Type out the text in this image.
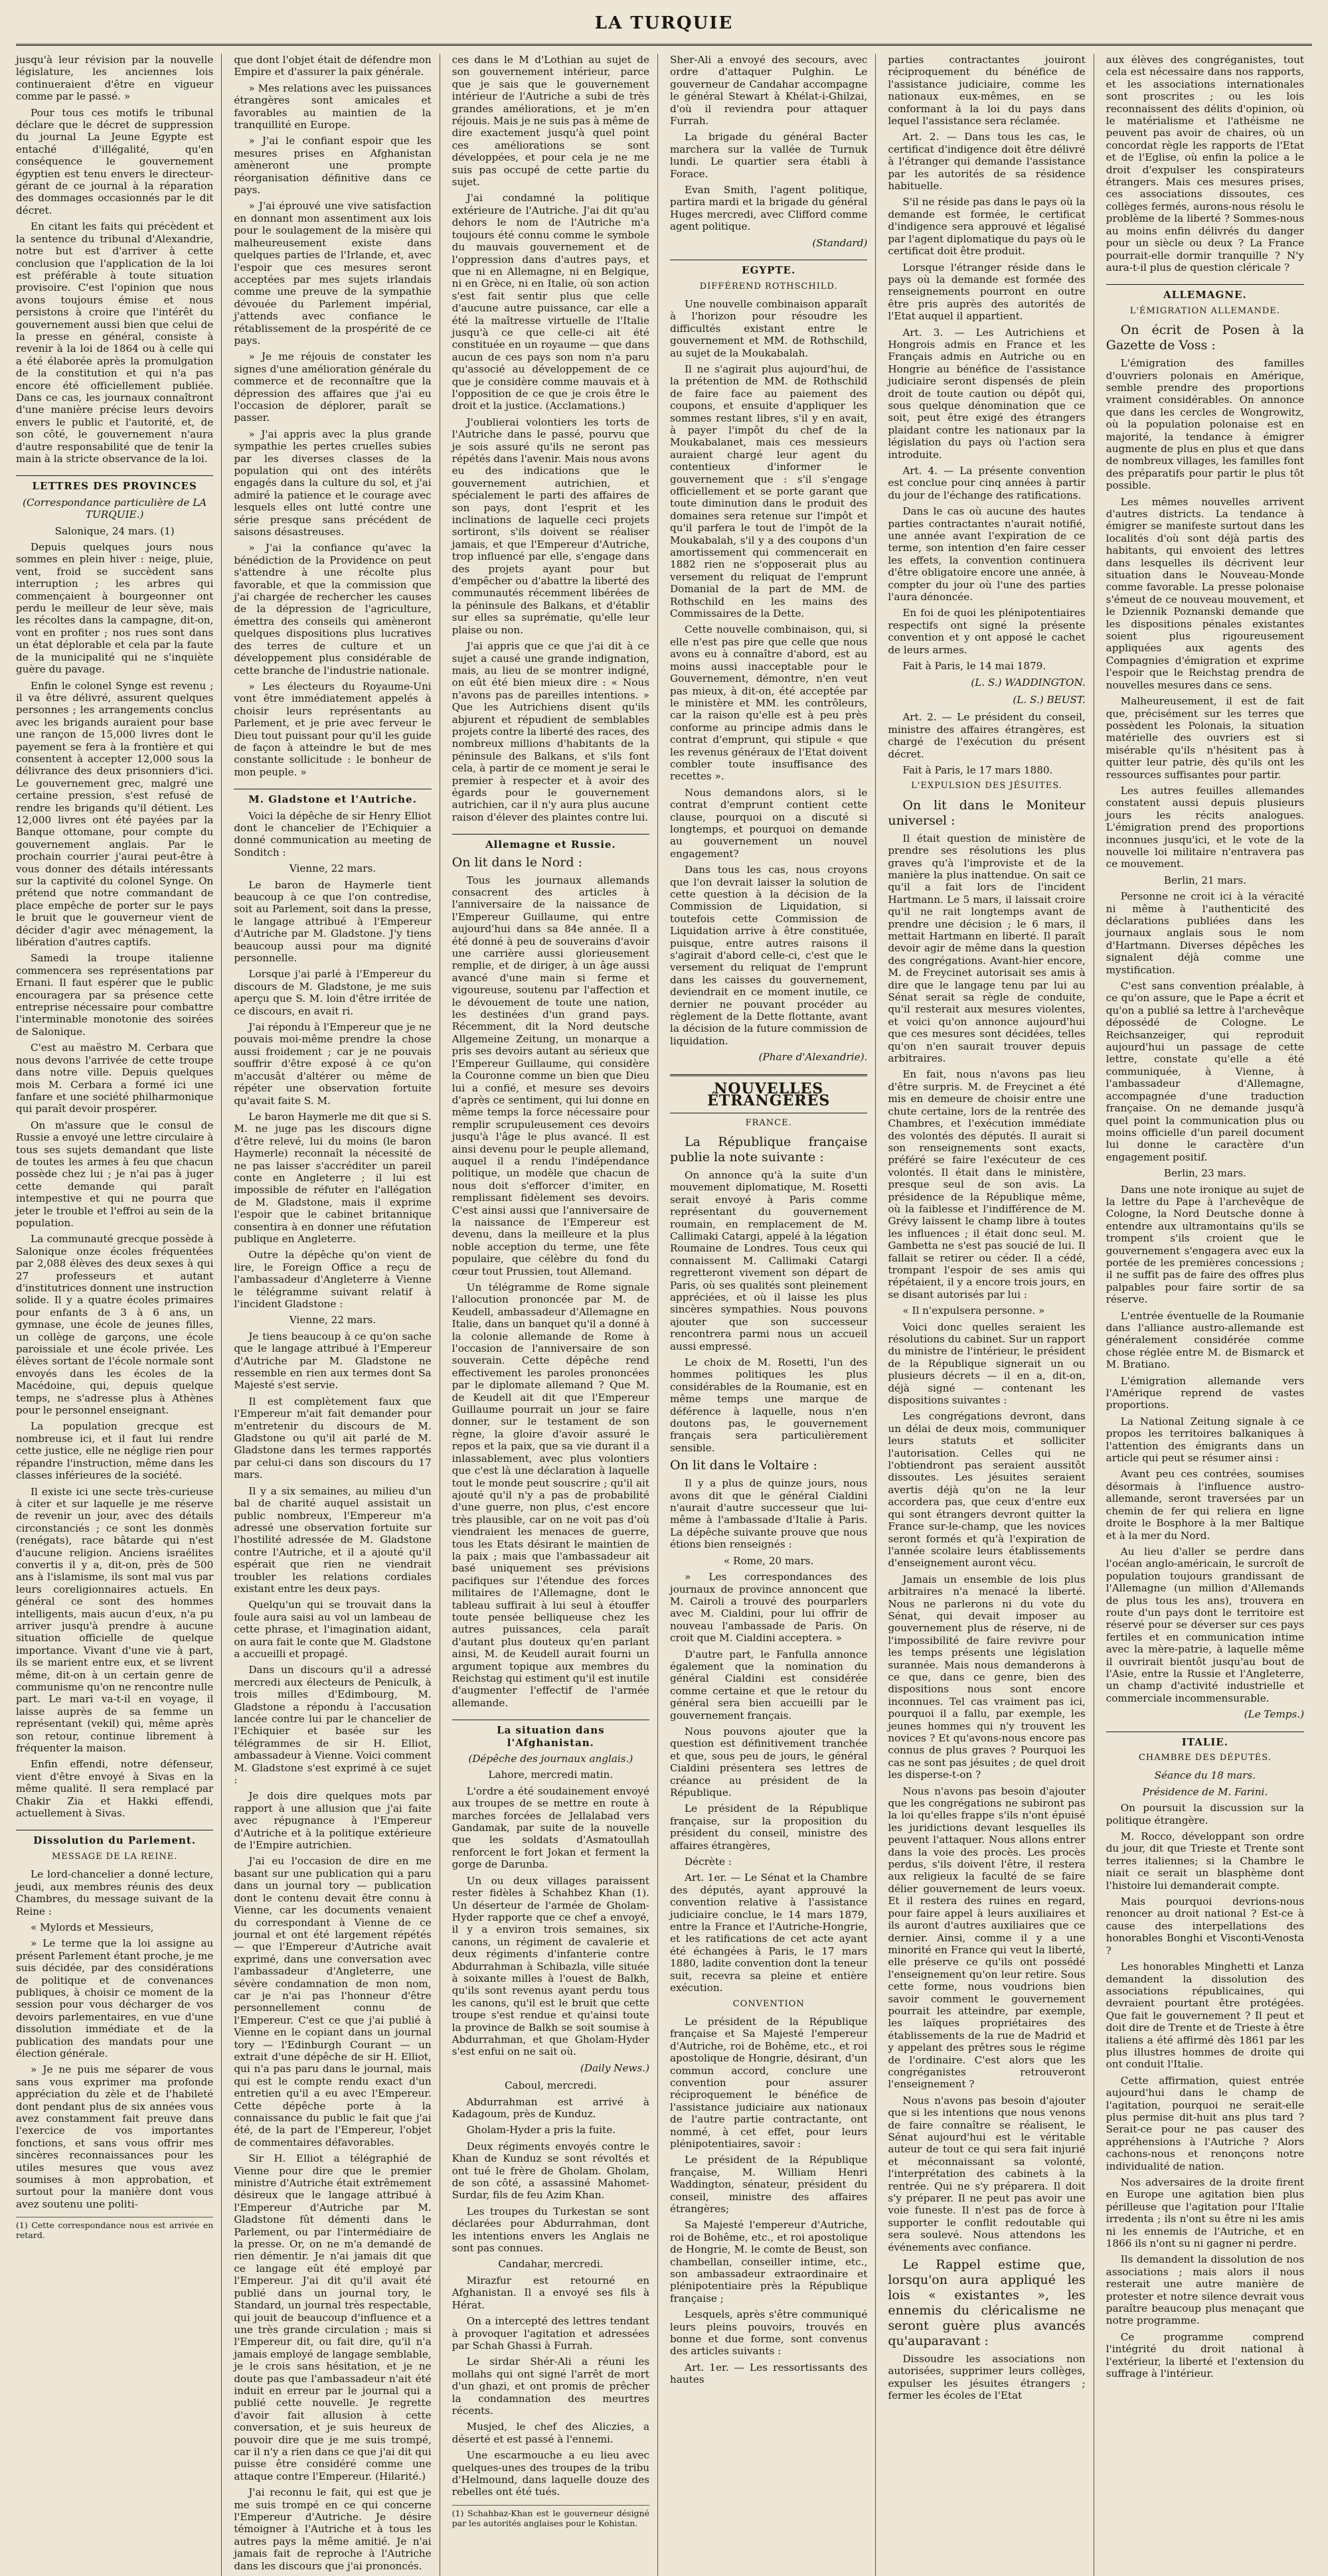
LA TURQUIE

jusqu'à leur révision par la nouvelle législature, les anciennes lois continueraient d'être en vigueur comme par le passé. »

Pour tous ces motifs le tribunal déclare que le décret de suppression du journal La Jeune Egypte est entaché d'illégalité, qu'en conséquence le gouvernement égyptien est tenu envers le directeur-gérant de ce journal à la réparation des dommages occasionnés par le dit décret.

En citant les faits qui précèdent et la sentence du tribunal d'Alexandrie, notre but est d'arriver à cette conclusion que l'application de la loi est préférable à toute situation provisoire. C'est l'opinion que nous avons toujours émise et nous persistons à croire que l'intérêt du gouvernement aussi bien que celui de la presse en général, consiste à revenir à la loi de 1864 ou à celle qui a été élaborée après la promulgation de la constitution et qui n'a pas encore été officiellement publiée. Dans ce cas, les journaux connaîtront d'une manière précise leurs devoirs envers le public et l'autorité, et, de son côté, le gouvernement n'aura d'autre responsabilité que de tenir la main à la stricte observance de la loi.

LETTRES DES PROVINCES
(Correspondance particulière de LA TURQUIE.)
Salonique, 24 mars. (1)

Depuis quelques jours nous sommes en plein hiver : neige, pluie, vent, froid se succèdent sans interruption ; les arbres qui commençaient à bourgeonner ont perdu le meilleur de leur sève, mais les récoltes dans la campagne, dit-on, vont en profiter ; nos rues sont dans un état déplorable et cela par la faute de la municipalité qui ne s'inquiète guère du pavage.

Enfin le colonel Synge est revenu ; il va être délivré, assurent quelques personnes ; les arrangements conclus avec les brigands auraient pour base une rançon de 15,000 livres dont le payement se fera à la frontière et qui consentent à accepter 12,000 sous la délivrance des deux prisonniers d'ici. Le gouvernement grec, malgré une certaine pression, s'est refusé de rendre les brigands qu'il détient. Les 12,000 livres ont été payées par la Banque ottomane, pour compte du gouvernement anglais. Par le prochain courrier j'aurai peut-être à vous donner des détails intéressants sur la captivité du colonel Synge. On prétend que notre commandant de place empêche de porter sur le pays le bruit que le gouverneur vient de décider d'agir avec ménagement, la libération d'autres captifs.

Samedi la troupe italienne commencera ses représentations par Ernani. Il faut espérer que le public encouragera par sa présence cette entreprise nécessaire pour combattre l'interminable monotonie des soirées de Salonique.

C'est au maëstro M. Cerbara que nous devons l'arrivée de cette troupe dans notre ville. Depuis quelques mois M. Cerbara a formé ici une fanfare et une société philharmonique qui paraît devoir prospérer.

On m'assure que le consul de Russie a envoyé une lettre circulaire à tous ses sujets demandant que liste de toutes les armes à feu que chacun possède chez lui ; je n'ai pas à juger cette demande qui paraît intempestive et qui ne pourra que jeter le trouble et l'effroi au sein de la population.

La communauté grecque possède à Salonique onze écoles fréquentées par 2,088 élèves des deux sexes à qui 27 professeurs et autant d'institutrices donnent une instruction solide. Il y a quatre écoles primaires pour enfants de 3 à 6 ans, un gymnase, une école de jeunes filles, un collège de garçons, une école paroissiale et une école privée. Les élèves sortant de l'école normale sont envoyés dans les écoles de la Macédoine, qui, depuis quelque temps, ne s'adresse plus à Athènes pour le personnel enseignant.

La population grecque est nombreuse ici, et il faut lui rendre cette justice, elle ne néglige rien pour répandre l'instruction, même dans les classes inférieures de la société.

Il existe ici une secte très-curieuse à citer et sur laquelle je me réserve de revenir un jour, avec des détails circonstanciés ; ce sont les donmès (renégats), race bâtarde qui n'est d'aucune religion. Anciens israélites convertis il y a, dit-on, près de 500 ans à l'islamisme, ils sont mal vus par leurs coreligionnaires actuels. En général ce sont des hommes intelligents, mais aucun d'eux, n'a pu arriver jusqu'à prendre à aucune situation officielle de quelque importance. Vivant d'une vie à part, ils se marient entre eux, et se livrent même, dit-on à un certain genre de communisme qu'on ne rencontre nulle part. Le mari va-t-il en voyage, il laisse auprès de sa femme un représentant (vekil) qui, même après son retour, continue librement à fréquenter la maison.

Enfin effendi, notre défenseur, vient d'être envoyé à Sivas en la même qualité. Il sera remplacé par Chakir Zia et Hakki effendi, actuellement à Sivas.

Dissolution du Parlement.
MESSAGE DE LA REINE.

Le lord-chancelier a donné lecture, jeudi, aux membres réunis des deux Chambres, du message suivant de la Reine :

« Mylords et Messieurs,

» Le terme que la loi assigne au présent Parlement étant proche, je me suis décidée, par des considérations de politique et de convenances publiques, à choisir ce moment de la session pour vous décharger de vos devoirs parlementaires, en vue d'une dissolution immédiate et de la publication des mandats pour une élection générale.

» Je ne puis me séparer de vous sans vous exprimer ma profonde appréciation du zèle et de l'habileté dont pendant plus de six années vous avez constamment fait preuve dans l'exercice de vos importantes fonctions, et sans vous offrir mes sincères reconnaissances pour les utiles mesures que vous avez soumises à mon approbation, et surtout pour la manière dont vous avez soutenu une politi-

(1) Cette correspondance nous est arrivée en retard.

que dont l'objet était de défendre mon Empire et d'assurer la paix générale.

» Mes relations avec les puissances étrangères sont amicales et favorables au maintien de la tranquillité en Europe.

» J'ai le confiant espoir que les mesures prises en Afghanistan amèneront une prompte réorganisation définitive dans ce pays.

» J'ai éprouvé une vive satisfaction en donnant mon assentiment aux lois pour le soulagement de la misère qui malheureusement existe dans quelques parties de l'Irlande, et, avec l'espoir que ces mesures seront acceptées par mes sujets irlandais comme une preuve de la sympathie dévouée du Parlement impérial, j'attends avec confiance le rétablissement de la prospérité de ce pays.

» Je me réjouis de constater les signes d'une amélioration générale du commerce et de reconnaître que la dépression des affaires que j'ai eu l'occasion de déplorer, paraît se passer.

» J'ai appris avec la plus grande sympathie les pertes cruelles subies par les diverses classes de la population qui ont des intérêts engagés dans la culture du sol, et j'ai admiré la patience et le courage avec lesquels elles ont lutté contre une série presque sans précédent de saisons désastreuses.

» J'ai la confiance qu'avec la bénédiction de la Providence on peut s'attendre à une récolte plus favorable, et que la commission que j'ai chargée de rechercher les causes de la dépression de l'agriculture, émettra des conseils qui amèneront quelques dispositions plus lucratives des terres de culture et un développement plus considérable de cette branche de l'industrie nationale.

» Les électeurs du Royaume-Uni vont être immédiatement appelés à choisir leurs représentants au Parlement, et je prie avec ferveur le Dieu tout puissant pour qu'il les guide de façon à atteindre le but de mes constante sollicitude : le bonheur de mon peuple. »

M. Gladstone et l'Autriche.

Voici la dépêche de sir Henry Elliot dont le chancelier de l'Echiquier a donné communication au meeting de Sonditch :

Vienne, 22 mars.

Le baron de Haymerle tient beaucoup à ce que l'on contredise, soit au Parlement, soit dans la presse, le langage attribué à l'Empereur d'Autriche par M. Gladstone. J'y tiens beaucoup aussi pour ma dignité personnelle.

Lorsque j'ai parlé à l'Empereur du discours de M. Gladstone, je me suis aperçu que S. M. loin d'être irritée de ce discours, en avait ri.

J'ai répondu à l'Empereur que je ne pouvais moi-même prendre la chose aussi froidement ; car je ne pouvais souffrir d'être exposé à ce qu'on m'accusât d'altérer ou même de répéter une observation fortuite qu'avait faite S. M.

Le baron Haymerle me dit que si S. M. ne juge pas les discours digne d'être relevé, lui du moins (le baron Haymerle) reconnaît la nécessité de ne pas laisser s'accréditer un pareil conte en Angleterre ; il lui est impossible de réfuter en l'allégation de M. Gladstone, mais il exprime l'espoir que le cabinet britannique consentira à en donner une réfutation publique en Angleterre.

Outre la dépêche qu'on vient de lire, le Foreign Office a reçu de l'ambassadeur d'Angleterre à Vienne le télégramme suivant relatif à l'incident Gladstone :

Vienne, 22 mars.

Je tiens beaucoup à ce qu'on sache que le langage attribué à l'Empereur d'Autriche par M. Gladstone ne ressemble en rien aux termes dont Sa Majesté s'est servie.

Il est complètement faux que l'Empereur m'ait fait demander pour m'entretenir du discours de M. Gladstone ou qu'il ait parlé de M. Gladstone dans les termes rapportés par celui-ci dans son discours du 17 mars.

Il y a six semaines, au milieu d'un bal de charité auquel assistait un public nombreux, l'Empereur m'a adressé une observation fortuite sur l'hostilité adressée de M. Gladstone contre l'Autriche, et il a ajouté qu'il espérait que rien ne viendrait troubler les relations cordiales existant entre les deux pays.

Quelqu'un qui se trouvait dans la foule aura saisi au vol un lambeau de cette phrase, et l'imagination aidant, on aura fait le conte que M. Gladstone a accueilli et propagé.

Dans un discours qu'il a adressé mercredi aux électeurs de Peniculk, à trois milles d'Edimbourg, M. Gladstone a répondu à l'accusation lancée contre lui par le chancelier de l'Echiquier et basée sur les télégrammes de sir H. Elliot, ambassadeur à Vienne. Voici comment M. Gladstone s'est exprimé à ce sujet :

Je dois dire quelques mots par rapport à une allusion que j'ai faite avec répugnance à l'Empereur d'Autriche et à la politique extérieure de l'Empire autrichien.

J'ai eu l'occasion de dire en me basant sur une publication qui a paru dans un journal tory — publication dont le contenu devait être connu à Vienne, car les documents venaient du correspondant à Vienne de ce journal et ont été largement répétés — que l'Empereur d'Autriche avait exprimé, dans une conversation avec l'ambassadeur d'Angleterre, une sévère condamnation de mon nom, car je n'ai pas l'honneur d'être personnellement connu de l'Empereur. C'est ce que j'ai publié à Vienne en le copiant dans un journal tory — l'Edinburgh Courant — un extrait d'une dépêche de sir H. Elliot, qui n'a pas paru dans le journal, mais qui est le compte rendu exact d'un entretien qu'il a eu avec l'Empereur. Cette dépêche porte à la connaissance du public le fait que j'ai été, de la part de l'Empereur, l'objet de commentaires défavorables.

Sir H. Elliot a télégraphié de Vienne pour dire que le premier ministre d'Autriche était extrêmement désireux que le langage attribué à l'Empereur d'Autriche par M. Gladstone fût démenti dans le Parlement, ou par l'intermédiaire de la presse. Or, on ne m'a demandé de rien démentir. Je n'ai jamais dit que ce langage eût été employé par l'Empereur. J'ai dit qu'il avait été publié dans un journal tory, le Standard, un journal très respectable, qui jouit de beaucoup d'influence et a une très grande circulation ; mais si l'Empereur dit, ou fait dire, qu'il n'a jamais employé de langage semblable, je le crois sans hésitation, et je ne doute pas que l'ambassadeur n'ait été induit en erreur par le journal qui a publié cette nouvelle. Je regrette d'avoir fait allusion à cette conversation, et je suis heureux de pouvoir dire que je me suis trompé, car il n'y a rien dans ce que j'ai dit qui puisse être considéré comme une attaque contre l'Empereur. (Hilarité.)

J'ai reconnu le fait, qui est que je me suis trompé en ce qui concerne l'Empereur d'Autriche. Je désire témoigner à l'Autriche et à tous les autres pays la même amitié. Je n'ai jamais fait de reproche à l'Autriche dans les discours que j'ai prononcés.

ces dans le M d'Lothian au sujet de son gouvernement intérieur, parce que je sais que le gouvernement intérieur de l'Autriche a subi de très grandes améliorations, et je m'en réjouis. Mais je ne suis pas à même de dire exactement jusqu'à quel point ces améliorations se sont développées, et pour cela je ne me suis pas occupé de cette partie du sujet.

J'ai condamné la politique extérieure de l'Autriche. J'ai dit qu'au dehors le nom de l'Autriche m'a toujours été connu comme le symbole du mauvais gouvernement et de l'oppression dans d'autres pays, et que ni en Allemagne, ni en Belgique, ni en Grèce, ni en Italie, où son action s'est fait sentir plus que celle d'aucune autre puissance, car elle a été la maîtresse virtuelle de l'Italie jusqu'à ce que celle-ci ait été constituée en un royaume — que dans aucun de ces pays son nom n'a paru qu'associé au développement de ce que je considère comme mauvais et à l'opposition de ce que je crois être le droit et la justice. (Acclamations.)

J'oublierai volontiers les torts de l'Autriche dans le passé, pourvu que je sois assuré qu'ils ne seront pas répétés dans l'avenir. Mais nous avons eu des indications que le gouvernement autrichien, et spécialement le parti des affaires de son pays, dont l'esprit et les inclinations de laquelle ceci projets sortiront, s'ils doivent se réaliser jamais, et que l'Empereur d'Autriche, trop influencé par elle, s'engage dans des projets ayant pour but d'empêcher ou d'abattre la liberté des communautés récemment libérées de la péninsule des Balkans, et d'établir sur elles sa suprématie, qu'elle leur plaise ou non.

J'ai appris que ce que j'ai dit à ce sujet a causé une grande indignation, mais, au lieu de se montrer indigné, on eût été bien mieux dire : « Nous n'avons pas de pareilles intentions. » Que les Autrichiens disent qu'ils abjurent et répudient de semblables projets contre la liberté des races, des nombreux millions d'habitants de la péninsule des Balkans, et s'ils font cela, à partir de ce moment je serai le premier à respecter et à avoir des égards pour le gouvernement autrichien, car il n'y aura plus aucune raison d'élever des plaintes contre lui.

Allemagne et Russie.

On lit dans le Nord :

Tous les journaux allemands consacrent des articles à l'anniversaire de la naissance de l'Empereur Guillaume, qui entre aujourd'hui dans sa 84e année. Il a été donné à peu de souverains d'avoir une carrière aussi glorieusement remplie, et de diriger, à un âge aussi avancé d'une main si ferme et vigoureuse, soutenu par l'affection et le dévouement de toute une nation, les destinées d'un grand pays. Récemment, dit la Nord deutsche Allgemeine Zeitung, un monarque a pris ses devoirs autant au sérieux que l'Empereur Guillaume, qui considère la Couronne comme un bien que Dieu lui a confié, et mesure ses devoirs d'après ce sentiment, qui lui donne en même temps la force nécessaire pour remplir scrupuleusement ces devoirs jusqu'à l'âge le plus avancé. Il est ainsi devenu pour le peuple allemand, auquel il a rendu l'indépendance politique, un modèle que chacun de nous doit s'efforcer d'imiter, en remplissant fidèlement ses devoirs. C'est ainsi aussi que l'anniversaire de la naissance de l'Empereur est devenu, dans la meilleure et la plus noble acception du terme, une fête populaire, que célèbre du fond du cœur tout Prussien, tout Allemand.

Un télégramme de Rome signale l'allocution prononcée par M. de Keudell, ambassadeur d'Allemagne en Italie, dans un banquet qu'il a donné à la colonie allemande de Rome à l'occasion de l'anniversaire de son souverain. Cette dépêche rend effectivement les paroles prononcées par le diplomate allemand ? Que M. de Keudell ait dit que l'Empereur Guillaume pourrait un jour se faire donner, sur le testament de son règne, la gloire d'avoir assuré le repos et la paix, que sa vie durant il a inlassablement, avec plus volontiers que c'est là une déclaration à laquelle tout le monde peut souscrire ; qu'il ait ajouté qu'il n'y a pas de probabilité d'une guerre, non plus, c'est encore très plausible, car on ne voit pas d'où viendraient les menaces de guerre, tous les Etats désirant le maintien de la paix ; mais que l'ambassadeur ait basé uniquement ses prévisions pacifiques sur l'étendue des forces militaires de l'Allemagne, dont le tableau suffirait à lui seul à étouffer toute pensée belliqueuse chez les autres puissances, cela paraît d'autant plus douteux qu'en parlant ainsi, M. de Keudell aurait fourni un argument topique aux membres du Reichstag qui estiment qu'il est inutile d'augmenter l'effectif de l'armée allemande.

La situation dans l'Afghanistan.
(Dépêche des journaux anglais.)
Lahore, mercredi matin.

L'ordre a été soudainement envoyé aux troupes de se mettre en route à marches forcées de Jellalabad vers Gandamak, par suite de la nouvelle que les soldats d'Asmatoullah renforcent le fort Jokan et ferment la gorge de Darunba.

Un ou deux villages paraissent rester fidèles à Schahbez Khan (1). Un déserteur de l'armée de Gholam-Hyder rapporte que ce chef a envoyé, il y a environ trois semaines, six canons, un régiment de cavalerie et deux régiments d'infanterie contre Abdurrahman à Schibazla, ville située à soixante milles à l'ouest de Balkh, qu'ils sont revenus ayant perdu tous les canons, qu'il est le bruit que cette troupe s'est rendue et qu'ainsi toute la province de Balkh se soit soumise à Abdurrahman, et que Gholam-Hyder s'est enfui on ne sait où.

(Daily News.)
Caboul, mercredi.

Abdurrahman est arrivé à Kadagoum, près de Kunduz.

Gholam-Hyder a pris la fuite.

Deux régiments envoyés contre le Khan de Kunduz se sont révoltés et ont tué le frère de Gholam. Gholam, de son côté, a assassiné Mahomet-Surdar, fils de feu Azim Khan.

Les troupes du Turkestan se sont déclarées pour Abdurrahman, dont les intentions envers les Anglais ne sont pas connues.

Candahar, mercredi.

Mirazfur est retourné en Afghanistan. Il a envoyé ses fils à Hérat.

On a intercepté des lettres tendant à provoquer l'agitation et adressées par Schah Ghassi à Furrah.

Le sirdar Shér-Ali a réuni les mollahs qui ont signé l'arrêt de mort d'un ghazi, et ont promis de prêcher la condamnation des meurtres récents.

Musjed, le chef des Aliczies, a déserté et est passé à l'ennemi.

Une escarmouche a eu lieu avec quelques-unes des troupes de la tribu d'Helmound, dans laquelle douze des rebelles ont été tués.

(1) Schahbaz-Khan est le gouverneur désigné par les autorités anglaises pour le Kohistan.

Sher-Ali a envoyé des secours, avec ordre d'attaquer Pulghin. Le gouverneur de Candahar accompagne le général Stewart à Khélat-i-Ghilzai, d'où il reviendra pour attaquer Furrah.

La brigade du général Bacter marchera sur la vallée de Turnuk lundi. Le quartier sera établi à Forace.

Evan Smith, l'agent politique, partira mardi et la brigade du général Huges mercredi, avec Clifford comme agent politique.

(Standard)
EGYPTE.
DIFFÉREND ROTHSCHILD.

Une nouvelle combinaison apparaît à l'horizon pour résoudre les difficultés existant entre le gouvernement et MM. de Rothschild, au sujet de la Moukabalah.

Il ne s'agirait plus aujourd'hui, de la prétention de MM. de Rothschild de faire face au paiement des coupons, et ensuite d'appliquer les sommes restant libres, s'il y en avait, à payer l'impôt du chef de la Moukabalanet, mais ces messieurs auraient chargé leur agent du contentieux d'informer le gouvernement que : s'il s'engage officiellement et se porte garant que toute diminution dans le produit des domaines sera retenue sur l'impôt et qu'il parfera le tout de l'impôt de la Moukabalah, s'il y a des coupons d'un amortissement qui commencerait en 1882 rien ne s'opposerait plus au versement du reliquat de l'emprunt Domanial de la part de MM. de Rothschild en les mains des Commissaires de la Dette.

Cette nouvelle combinaison, qui, si elle n'est pas pire que celle que nous avons eu à connaître d'abord, est au moins aussi inacceptable pour le Gouvernement, démontre, n'en veut pas mieux, à dit-on, été acceptée par le ministère et MM. les contrôleurs, car la raison qu'elle est à peu près conforme au principe admis dans le contrat d'emprunt, qui stipule « que les revenus généraux de l'Etat doivent combler toute insuffisance des recettes ».

Nous demandons alors, si le contrat d'emprunt contient cette clause, pourquoi on a discuté si longtemps, et pourquoi on demande au gouvernement un nouvel engagement?

Dans tous les cas, nous croyons que l'on devrait laisser la solution de cette question à la décision de la Commission de Liquidation, si toutefois cette Commission de Liquidation arrive à être constituée, puisque, entre autres raisons il s'agirait d'abord celle-ci, c'est que le versement du reliquat de l'emprunt dans les caisses du gouvernement, deviendrait en ce moment inutile, ce dernier ne pouvant procéder au règlement de la Dette flottante, avant la décision de la future commission de liquidation.

(Phare d'Alexandrie).
NOUVELLES ÉTRANGÈRES
FRANCE.

La République française publie la note suivante :

On annonce qu'à la suite d'un mouvement diplomatique, M. Rosetti serait envoyé à Paris comme représentant du gouvernement roumain, en remplacement de M. Callimaki Catargi, appelé à la légation Roumaine de Londres. Tous ceux qui connaissent M. Callimaki Catargi regretteront vivement son départ de Paris, où ses qualités sont pleinement appréciées, et où il laisse les plus sincères sympathies. Nous pouvons ajouter que son successeur rencontrera parmi nous un accueil aussi empressé.

Le choix de M. Rosetti, l'un des hommes politiques les plus considérables de la Roumanie, est en même temps une marque de déférence à laquelle, nous n'en doutons pas, le gouvernement français sera particulièrement sensible.

On lit dans le Voltaire :

Il y a plus de quinze jours, nous avons dit que le général Cialdini n'aurait d'autre successeur que lui-même à l'ambassade d'Italie à Paris. La dépêche suivante prouve que nous étions bien renseignés :

« Rome, 20 mars.

» Les correspondances des journaux de province annoncent que M. Cairoli a trouvé des pourparlers avec M. Cialdini, pour lui offrir de nouveau l'ambassade de Paris. On croit que M. Cialdini acceptera. »

D'autre part, le Fanfulla annonce également que la nomination du général Cialdini est considérée comme certaine et que le retour du général sera bien accueilli par le gouvernement français.

Nous pouvons ajouter que la question est définitivement tranchée et que, sous peu de jours, le général Cialdini présentera ses lettres de créance au président de la République.

Le président de la République française, sur la proposition du président du conseil, ministre des affaires étrangères,

Décrète :

Art. 1er. — Le Sénat et la Chambre des députés, ayant approuvé la convention relative à l'assistance judiciaire conclue, le 14 mars 1879, entre la France et l'Autriche-Hongrie, et les ratifications de cet acte ayant été échangées à Paris, le 17 mars 1880, ladite convention dont la teneur suit, recevra sa pleine et entière exécution.

CONVENTION

Le président de la République française et Sa Majesté l'empereur d'Autriche, roi de Bohême, etc., et roi apostolique de Hongrie, désirant, d'un commun accord, conclure une convention pour assurer réciproquement le bénéfice de l'assistance judiciaire aux nationaux de l'autre partie contractante, ont nommé, à cet effet, pour leurs plénipotentiaires, savoir :

Le président de la République française, M. William Henri Waddington, sénateur, président du conseil, ministre des affaires étrangères;

Sa Majesté l'empereur d'Autriche, roi de Bohême, etc., et roi apostolique de Hongrie, M. le comte de Beust, son chambellan, conseiller intime, etc., son ambassadeur extraordinaire et plénipotentiaire près la République française ;

Lesquels, après s'être communiqué leurs pleins pouvoirs, trouvés en bonne et due forme, sont convenus des articles suivants :

Art. 1er. — Les ressortissants des hautes

parties contractantes jouiront réciproquement du bénéfice de l'assistance judiciaire, comme les nationaux eux-mêmes, en se conformant à la loi du pays dans lequel l'assistance sera réclamée.

Art. 2. — Dans tous les cas, le certificat d'indigence doit être délivré à l'étranger qui demande l'assistance par les autorités de sa résidence habituelle.

S'il ne réside pas dans le pays où la demande est formée, le certificat d'indigence sera approuvé et légalisé par l'agent diplomatique du pays où le certificat doit être produit.

Lorsque l'étranger réside dans le pays où la demande est formée des renseignements pourront en outre être pris auprès des autorités de l'Etat auquel il appartient.

Art. 3. — Les Autrichiens et Hongrois admis en France et les Français admis en Autriche ou en Hongrie au bénéfice de l'assistance judiciaire seront dispensés de plein droit de toute caution ou dépôt qui, sous quelque dénomination que ce soit, peut être exigé des étrangers plaidant contre les nationaux par la législation du pays où l'action sera introduite.

Art. 4. — La présente convention est conclue pour cinq années à partir du jour de l'échange des ratifications.

Dans le cas où aucune des hautes parties contractantes n'aurait notifié, une année avant l'expiration de ce terme, son intention d'en faire cesser les effets, la convention continuera d'être obligatoire encore une année, à compter du jour où l'une des parties l'aura dénoncée.

En foi de quoi les plénipotentiaires respectifs ont signé la présente convention et y ont apposé le cachet de leurs armes.

Fait à Paris, le 14 mai 1879.

(L. S.) WADDINGTON.
(L. S.) BEUST.

Art. 2. — Le président du conseil, ministre des affaires étrangères, est chargé de l'exécution du présent décret.

Fait à Paris, le 17 mars 1880.

L'EXPULSION DES JÉSUITES.

On lit dans le Moniteur universel :

Il était question de ministère de prendre ses résolutions les plus graves qu'à l'improviste et de la manière la plus inattendue. On sait ce qu'il a fait lors de l'incident Hartmann. Le 5 mars, il laissait croire qu'il ne rait longtemps avant de prendre une décision ; le 6 mars, il mettait Hartmann en liberté. Il paraît devoir agir de même dans la question des congrégations. Avant-hier encore, M. de Freycinet autorisait ses amis à dire que le langage tenu par lui au Sénat serait sa règle de conduite, qu'il resterait aux mesures violentes, et voici qu'on annonce aujourd'hui que ces mesures sont décidées, telles qu'on n'en saurait trouver depuis arbitraires.

En fait, nous n'avons pas lieu d'être surpris. M. de Freycinet a été mis en demeure de choisir entre une chute certaine, lors de la rentrée des Chambres, et l'exécution immédiate des volontés des députés. Il aurait si son renseignements sont exacts, préféré se faire l'exécuteur de ces volontés. Il était dans le ministère, presque seul de son avis. La présidence de la République même, où la faiblesse et l'indifférence de M. Grévy laissent le champ libre à toutes les influences ; il était donc seul. M. Gambetta ne s'est pas soucié de lui. Il fallait se retirer ou céder. Il a cédé, trompant l'espoir de ses amis qui répétaient, il y a encore trois jours, en se disant autorisés par lui :

« Il n'expulsera personne. »

Voici donc quelles seraient les résolutions du cabinet. Sur un rapport du ministre de l'intérieur, le président de la République signerait un ou plusieurs décrets — il en a, dit-on, déjà signé — contenant les dispositions suivantes :

Les congrégations devront, dans un délai de deux mois, communiquer leurs statuts et solliciter l'autorisation. Celles qui ne l'obtiendront pas seraient aussitôt dissoutes. Les jésuites seraient avertis déjà qu'on ne la leur accordera pas, que ceux d'entre eux qui sont étrangers devront quitter la France sur-le-champ, que les novices seront formés et qu'à l'expiration de l'année scolaire leurs établissements d'enseignement auront vécu.

Jamais un ensemble de lois plus arbitraires n'a menacé la liberté. Nous ne parlerons ni du vote du Sénat, qui devait imposer au gouvernement plus de réserve, ni de l'impossibilité de faire revivre pour les temps présents une législation surannée. Mais nous demanderons à ce que, dans ce genre, bien des dispositions nous sont encore inconnues. Tel cas vraiment pas ici, pourquoi il a fallu, par exemple, les jeunes hommes qui n'y trouvent les novices ? Et qu'avons-nous encore pas connus de plus graves ? Pourquoi les cas ne sont pas jésuites ; de quel droit les disperse-t-on ?

Nous n'avons pas besoin d'ajouter que les congrégations ne subiront pas la loi qu'elles frappe s'ils n'ont épuisé les juridictions devant lesquelles ils peuvent l'attaquer. Nous allons entrer dans la voie des procès. Les procès perdus, s'ils doivent l'être, il restera aux religieux la faculté de se faire délier gouvernement de leurs voeux. Et il restera des ruines en regard, pour faire appel à leurs auxiliaires et ils auront d'autres auxiliaires que ce dernier. Ainsi, comme il y a une minorité en France qui veut la liberté, elle préserve ce qu'ils ont possédé l'enseignement qu'on leur retire. Sous cette forme, nous voudrions bien savoir comment le gouvernement pourrait les atteindre, par exemple, les laïques propriétaires des établissements de la rue de Madrid et y appelant des prêtres sous le régime de l'ordinaire. C'est alors que les congréganistes retrouveront l'enseignement ?

Nous n'avons pas besoin d'ajouter que si les intentions que nous venons de faire connaître se réalisent, le Sénat aujourd'hui est le véritable auteur de tout ce qui sera fait injurié et méconnaissant sa volonté, l'interprétation des cabinets à la rentrée. Qui ne s'y préparera. Il doit s'y préparer. Il ne peut pas avoir une voie funeste. Il n'est pas de force à supporter le conflit redoutable qui sera soulevé. Nous attendons les événements avec confiance.

Le Rappel estime que, lorsqu'on aura appliqué les lois « existantes », les ennemis du cléricalisme ne seront guère plus avancés qu'auparavant :

Dissoudre les associations non autorisées, supprimer leurs collèges, expulser les jésuites étrangers ; fermer les écoles de l'Etat

aux élèves des congréganistes, tout cela est nécessaire dans nos rapports, et les associations internationales sont proscrites ; ou les lois reconnaissent des délits d'opinion, où le matérialisme et l'athéisme ne peuvent pas avoir de chaires, où un concordat règle les rapports de l'Etat et de l'Eglise, où enfin la police a le droit d'expulser les conspirateurs étrangers. Mais ces mesures prises, ces associations dissoutes, ces collèges fermés, aurons-nous résolu le problème de la liberté ? Sommes-nous au moins enfin délivrés du danger pour un siècle ou deux ? La France pourrait-elle dormir tranquille ? N'y aura-t-il plus de question cléricale ?

ALLEMAGNE.
L'ÉMIGRATION ALLEMANDE.

On écrit de Posen à la Gazette de Voss :

L'émigration des familles d'ouvriers polonais en Amérique, semble prendre des proportions vraiment considérables. On annonce que dans les cercles de Wongrowitz, où la population polonaise est en majorité, la tendance à émigrer augmente de plus en plus et que dans de nombreux villages, les familles font des préparatifs pour partir le plus tôt possible.

Les mêmes nouvelles arrivent d'autres districts. La tendance à émigrer se manifeste surtout dans les localités d'où sont déjà partis des habitants, qui envoient des lettres dans lesquelles ils décrivent leur situation dans le Nouveau-Monde comme favorable. La presse polonaise s'émeut de ce nouveau mouvement, et le Dziennik Poznanski demande que les dispositions pénales existantes soient plus rigoureusement appliquées aux agents des Compagnies d'émigration et exprime l'espoir que le Reichstag prendra de nouvelles mesures dans ce sens.

Malheureusement, il est de fait que, précisément sur les terres que possèdent les Polonais, la situation matérielle des ouvriers est si misérable qu'ils n'hésitent pas à quitter leur patrie, dès qu'ils ont les ressources suffisantes pour partir.

Les autres feuilles allemandes constatent aussi depuis plusieurs jours les récits analogues. L'émigration prend des proportions inconnues jusqu'ici, et le vote de la nouvelle loi militaire n'entravera pas ce mouvement.

Berlin, 21 mars.

Personne ne croit ici à la véracité ni même à l'authenticité des déclarations publiées dans les journaux anglais sous le nom d'Hartmann. Diverses dépêches les signalent déjà comme une mystification.

C'est sans convention préalable, à ce qu'on assure, que le Pape a écrit et qu'on a publié sa lettre à l'archevêque dépossédé de Cologne. Le Reichsanzeiger, qui reproduit aujourd'hui un passage de cette lettre, constate qu'elle a été communiquée, à Vienne, à l'ambassadeur d'Allemagne, accompagnée d'une traduction française. On ne demande jusqu'à quel point la communication plus ou moins officielle d'un pareil document lui donne le caractère d'un engagement positif.

Berlin, 23 mars.

Dans une note ironique au sujet de la lettre du Pape à l'archevêque de Cologne, la Nord Deutsche donne à entendre aux ultramontains qu'ils se trompent s'ils croient que le gouvernement s'engagera avec eux la portée de les premières concessions ; il ne suffit pas de faire des offres plus palpables pour faire sortir de sa réserve.

L'entrée éventuelle de la Roumanie dans l'alliance austro-allemande est généralement considérée comme chose réglée entre M. de Bismarck et M. Bratiano.

L'émigration allemande vers l'Amérique reprend de vastes proportions.

La National Zeitung signale à ce propos les territoires balkaniques à l'attention des émigrants dans un article qui peut se résumer ainsi :

Avant peu ces contrées, soumises désormais à l'influence austro-allemande, seront traversées par un chemin de fer qui reliera en ligne droite le Bosphore à la mer Baltique et à la mer du Nord.

Au lieu d'aller se perdre dans l'océan anglo-américain, le surcroît de population toujours grandissant de l'Allemagne (un million d'Allemands de plus tous les ans), trouvera en route d'un pays dont le territoire est réservé pour se déverser sur ces pays fertiles et en communication intime avec la mère-patrie, à laquelle même il ouvrirait bientôt jusqu'au bout de l'Asie, entre la Russie et l'Angleterre, un champ d'activité industrielle et commerciale incommensurable.

(Le Temps.)
ITALIE.
CHAMBRE DES DÉPUTÉS.
Séance du 18 mars.
Présidence de M. Farini.

On poursuit la discussion sur la politique étrangère.

M. Rocco, développant son ordre du jour, dit que Trieste et Trente sont terres italiennes; si la Chambre le niait ce serait un blasphème dont l'histoire lui demanderait compte.

Mais pourquoi devrions-nous renoncer au droit national ? Est-ce à cause des interpellations des honorables Bonghi et Visconti-Venosta ?

Les honorables Minghetti et Lanza demandent la dissolution des associations républicaines, qui devraient pourtant être protégées. Que fait le gouvernement ? Il peut et doit dire de Trente et de Trieste à être italiens a été affirmé dès 1861 par les plus illustres hommes de droite qui ont conduit l'Italie.

Cette affirmation, quiest entrée aujourd'hui dans le champ de l'agitation, pourquoi ne serait-elle plus permise dit-huit ans plus tard ? Serait-ce pour ne pas causer des appréhensions à l'Autriche ? Alors cachons-nous et renonçons notre individualité de nation.

Nos adversaires de la droite firent en Europe une agitation bien plus périlleuse que l'agitation pour l'Italie irredenta ; ils n'ont su être ni les amis ni les ennemis de l'Autriche, et en 1866 ils n'ont su ni gagner ni perdre.

Ils demandent la dissolution de nos associations ; mais alors il nous resterait une autre manière de protester et notre silence devrait vous paraître beaucoup plus menaçant que notre programme.

Ce programme comprend l'intégrité du droit national à l'extérieur, la liberté et l'extension du suffrage à l'intérieur.
